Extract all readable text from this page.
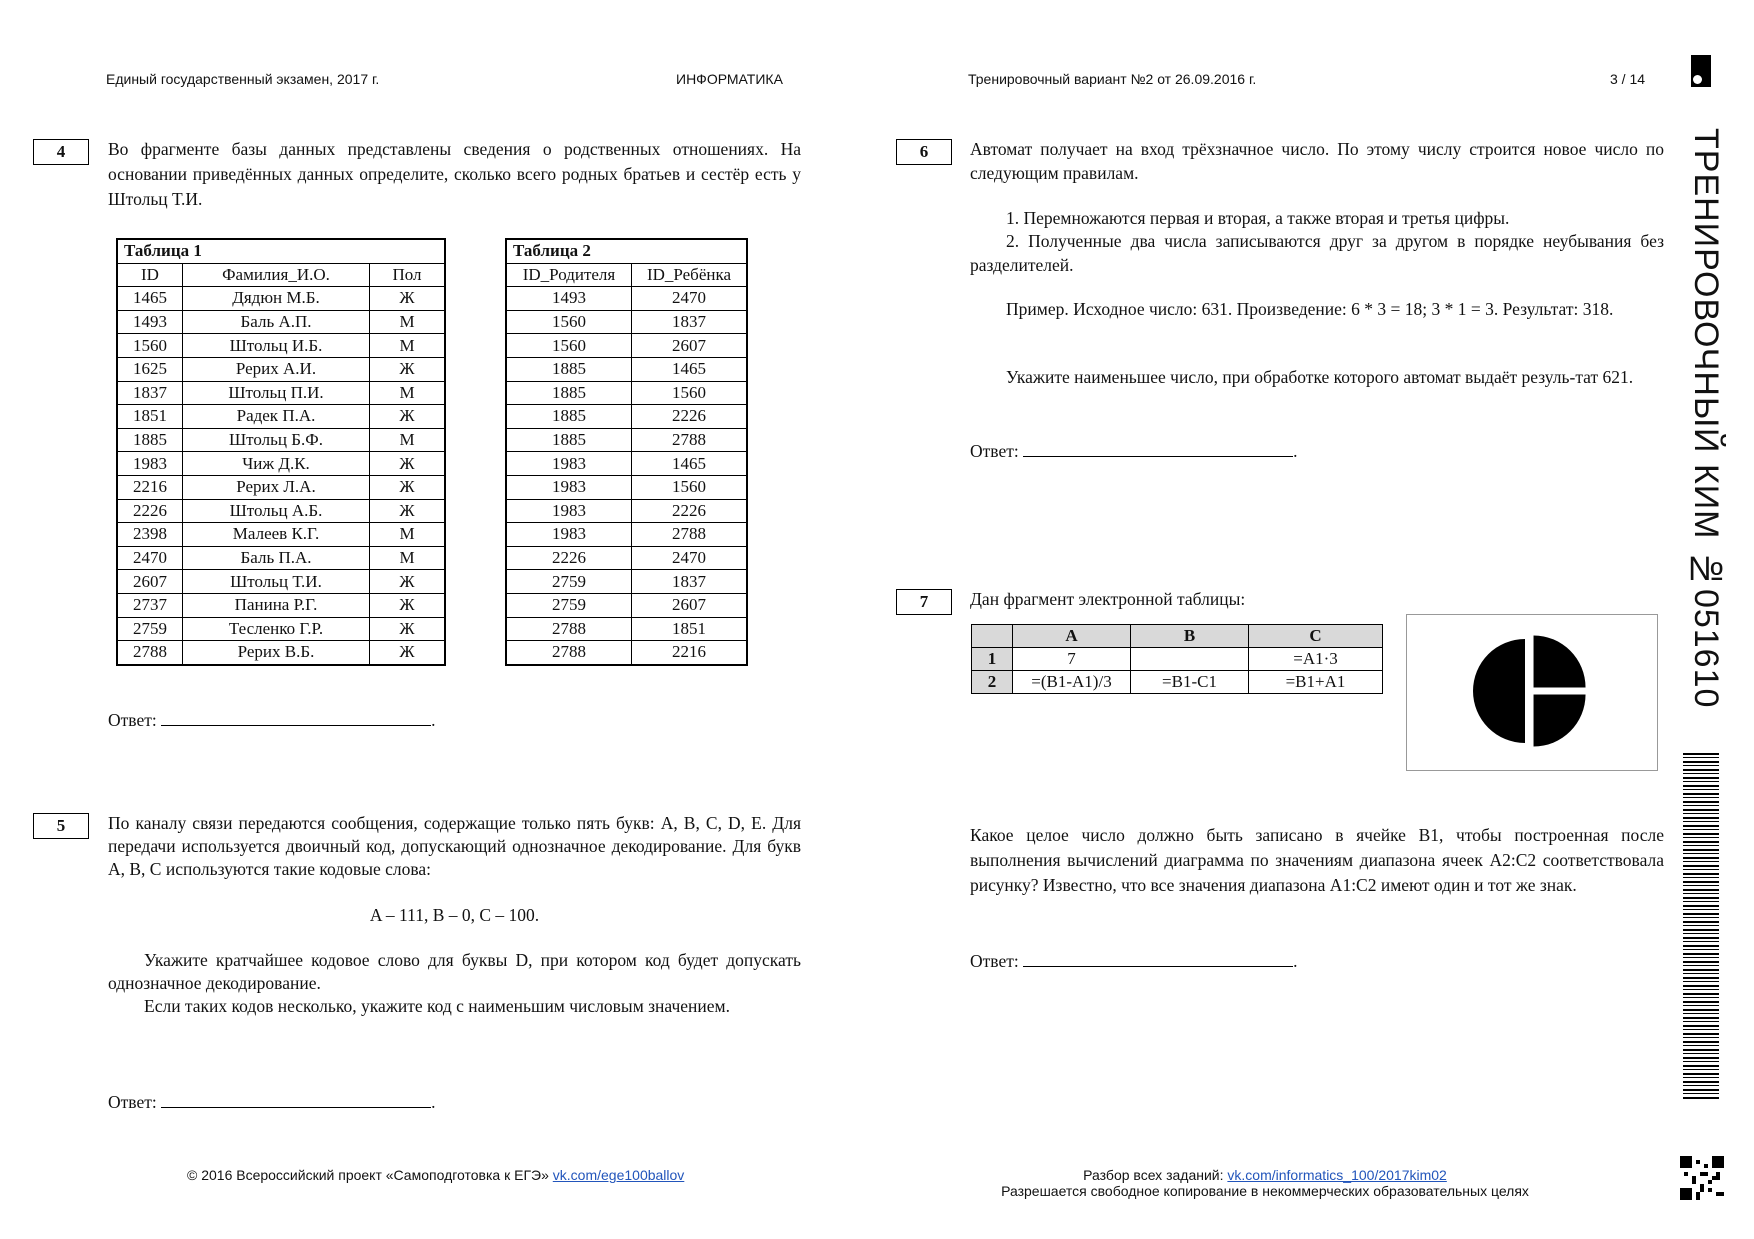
Единый государственный экзамен, 2017 г.	ИНФОРМАТИКА	Тренировочный вариант №2 от 26.09.2016 г.	3 / 14
ТРЕНИРОВОЧНЫЙ КИМ №051610
4	Во фрагменте базы данных представлены сведения о родственных отношениях. На основании приведённых данных определите, сколько всего родных братьев и сестёр есть у Штольц Т.И.
Таблица 1		
ID	Фамилия_И.О.	Пол
1465	Дядюн М.Б.	Ж
1493	Баль А.П.	М
1560	Штольц И.Б.	М
1625	Рерих А.И.	Ж
1837	Штольц П.И.	М
1851	Радек П.А.	Ж
1885	Штольц Б.Ф.	М
1983	Чиж Д.К.	Ж
2216	Рерих Л.А.	Ж
2226	Штольц А.Б.	Ж
2398	Малеев К.Г.	М
2470	Баль П.А.	М
2607	Штольц Т.И.	Ж
2737	Панина Р.Г.	Ж
2759	Тесленко Г.Р.	Ж
2788	Рерих В.Б.	Ж
Таблица 2	
ID_Родителя	ID_Ребёнка
1493	2470
1560	1837
1560	2607
1885	1465
1885	1560
1885	2226
1885	2788
1983	1465
1983	1560
1983	2226
1983	2788
2226	2470
2759	1837
2759	2607
2788	1851
2788	2216
Ответ:	.
5	По каналу связи передаются сообщения, содержащие только пять букв: A, B, C, D, E. Для передачи используется двоичный код, допускающий однозначное декодирование. Для букв A, B, C используются такие кодовые слова:
A – 111, B – 0, C – 100.
Укажите кратчайшее кодовое слово для буквы D, при котором код будет допускать однозначное декодирование.
Если таких кодов несколько, укажите код с наименьшим числовым значением.
Ответ:	.
6	Автомат получает на вход трёхзначное число. По этому числу строится новое число по следующим правилам.
1. Перемножаются первая и вторая, а также вторая и третья цифры.
2. Полученные два числа записываются друг за другом в порядке неубывания без разделителей.
Пример. Исходное число: 631. Произведение: 6 * 3 = 18; 3 * 1 = 3. Результат: 318.
Укажите наименьшее число, при обработке которого автомат выдаёт резуль-тат 621.
Ответ:	.
7	Дан фрагмент электронной таблицы:
	A	B	C
1	7		=A1·3
2	=(B1-A1)/3	=B1-C1	=B1+A1
Какое целое число должно быть записано в ячейке B1, чтобы построенная после выполнения вычислений диаграмма по значениям диапазона ячеек A2:C2 соответствовала рисунку? Известно, что все значения диапазона A1:C2 имеют один и тот же знак.
Ответ:	.
© 2016 Всероссийский проект «Самоподготовка к ЕГЭ» vk.com/ege100ballov	Разбор всех заданий: vk.com/informatics_100/2017kim02
Разрешается свободное копирование в некоммерческих образовательных целях
